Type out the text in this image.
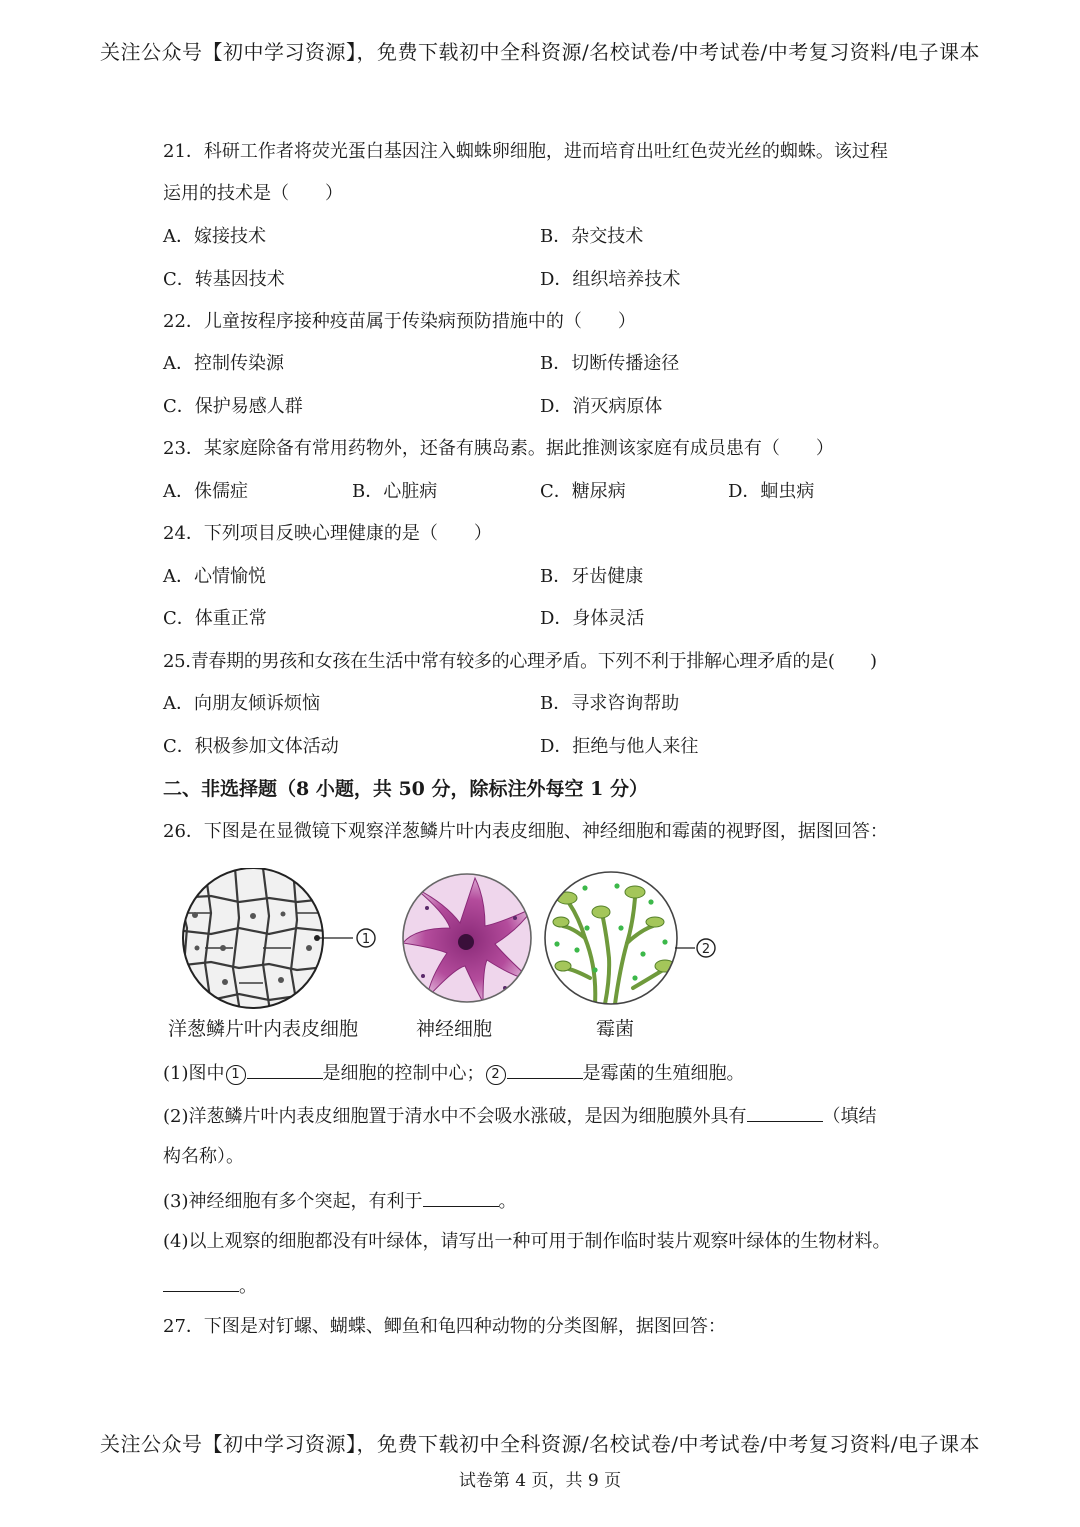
关注公众号【初中学习资源】，免费下载初中全科资源/名校试卷/中考试卷/中考复习资料/电子课本
21．科研工作者将荧光蛋白基因注入蜘蛛卵细胞，进而培育出吐红色荧光丝的蜘蛛。该过程
运用的技术是（　　）
A．嫁接技术	B．杂交技术
C．转基因技术	D．组织培养技术
22．儿童按程序接种疫苗属于传染病预防措施中的（　　）
A．控制传染源	B．切断传播途径
C．保护易感人群	D．消灭病原体
23．某家庭除备有常用药物外，还备有胰岛素。据此推测该家庭有成员患有（　　）
A．侏儒症	B．心脏病	C．糖尿病	D．蛔虫病
24．下列项目反映心理健康的是（　　）
A．心情愉悦	B．牙齿健康
C．体重正常	D．身体灵活
25.青春期的男孩和女孩在生活中常有较多的心理矛盾。下列不利于排解心理矛盾的是(　　)
A．向朋友倾诉烦恼	B．寻求咨询帮助
C．积极参加文体活动	D．拒绝与他人来往
二、非选择题（8 小题，共 50 分，除标注外每空 1 分）
26．下图是在显微镜下观察洋葱鳞片叶内表皮细胞、神经细胞和霉菌的视野图，据图回答：
1
2
洋葱鳞片叶内表皮细胞	神经细胞	霉菌
(1)图中 1	是细胞的控制中心； 2	是霉菌的生殖细胞。
(2)洋葱鳞片叶内表皮细胞置于清水中不会吸水涨破，是因为细胞膜外具有	（填结
构名称）。
(3)神经细胞有多个突起，有利于	。
(4)以上观察的细胞都没有叶绿体，请写出一种可用于制作临时装片观察叶绿体的生物材料。
。
27．下图是对钉螺、蝴蝶、鲫鱼和龟四种动物的分类图解，据图回答：
关注公众号【初中学习资源】，免费下载初中全科资源/名校试卷/中考试卷/中考复习资料/电子课本
试卷第 4 页，共 9 页
